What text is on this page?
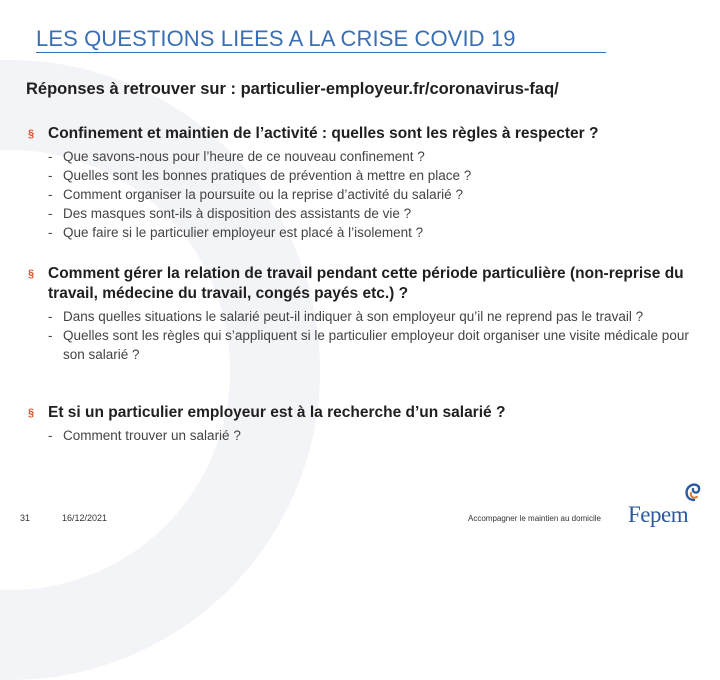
LES QUESTIONS LIEES A LA CRISE COVID 19
Réponses à retrouver sur : particulier-employeur.fr/coronavirus-faq/
§ Confinement et maintien de l’activité : quelles sont les règles à respecter ?
- Que savons-nous pour l’heure de ce nouveau confinement ?
- Quelles sont les bonnes pratiques de prévention à mettre en place ?
- Comment organiser la poursuite ou la reprise d’activité du salarié ?
- Des masques sont-ils à disposition des assistants de vie ?
- Que faire si le particulier employeur est placé à l’isolement ?
§ Comment gérer la relation de travail pendant cette période particulière (non-reprise du travail, médecine du travail, congés payés etc.) ?
- Dans quelles situations le salarié peut-il indiquer à son employeur qu’il ne reprend pas le travail ?
- Quelles sont les règles qui s’appliquent si le particulier employeur doit organiser une visite médicale pour son salarié ?
§ Et si un particulier employeur est à la recherche d’un salarié ?
- Comment trouver un salarié ?
31	16/12/2021	Accompagner le maintien au domicile Fepem
